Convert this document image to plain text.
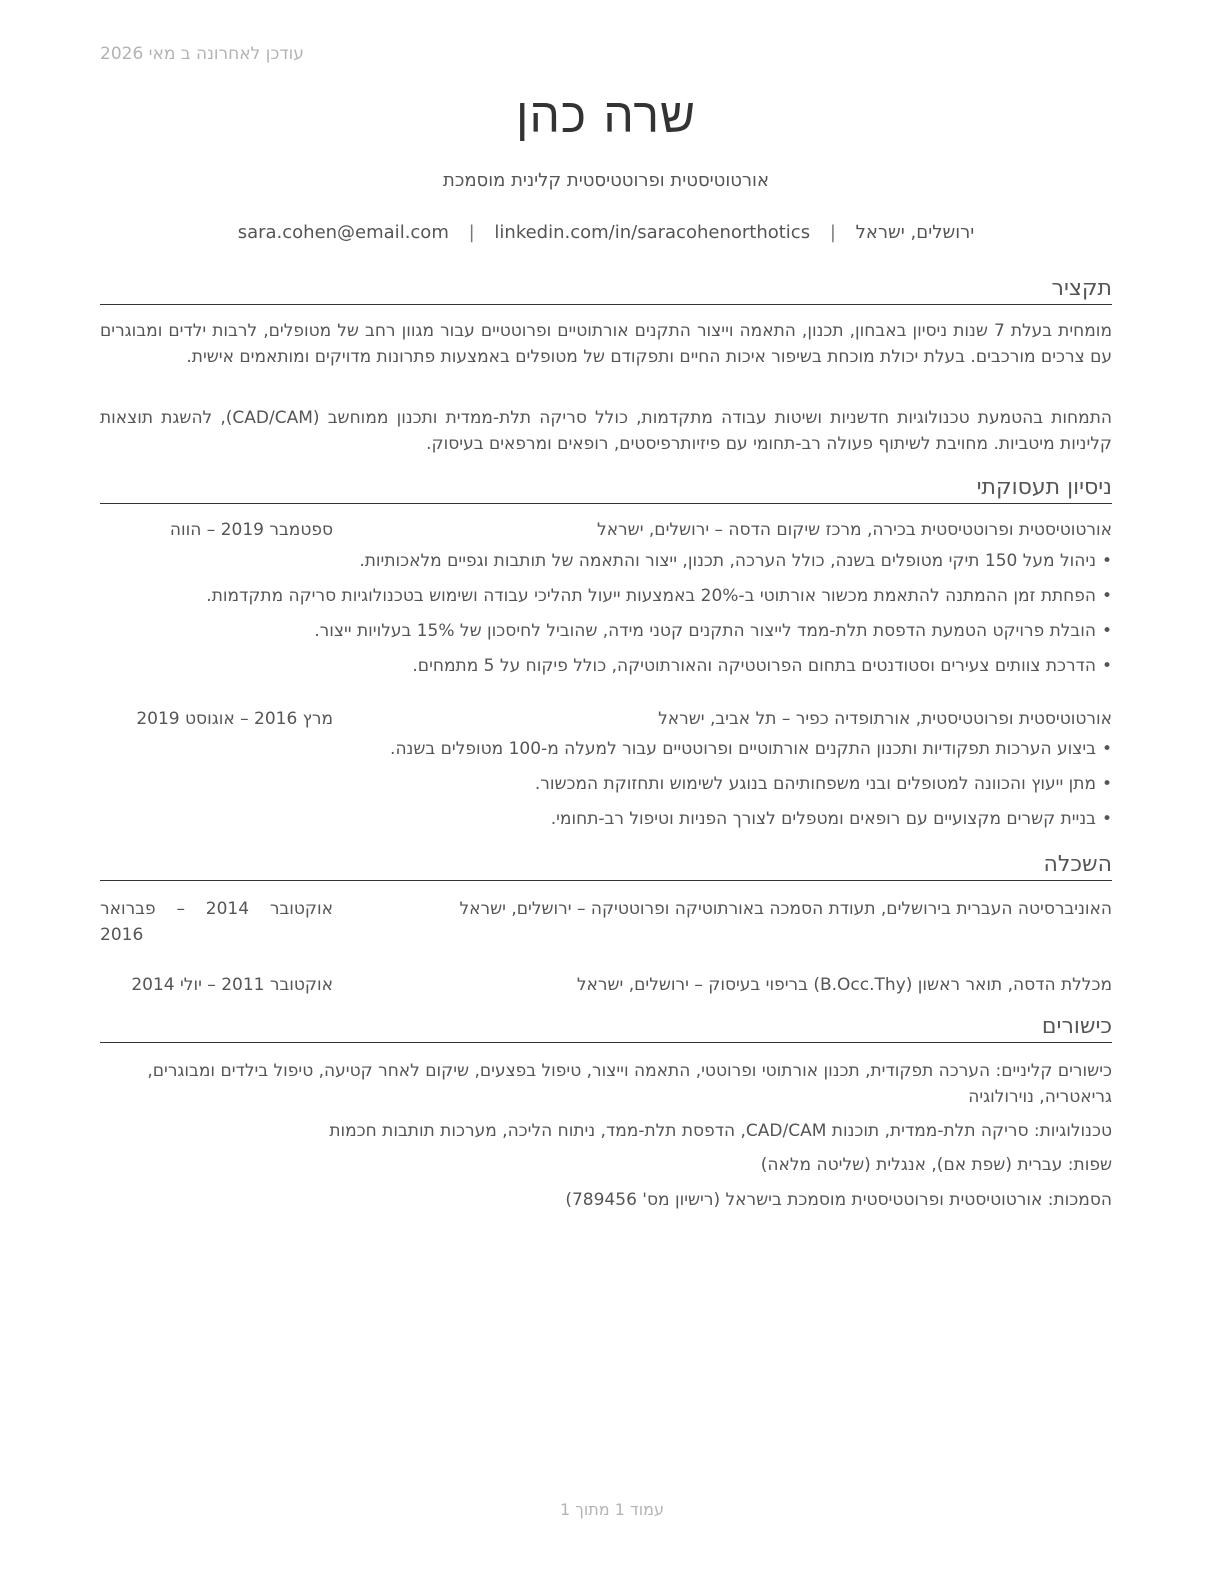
עודכן לאחרונה ב מאי 2026
שרה כהן
אורטוטיסטית ופרוטטיסטית קלינית מוסמכת
ירושלים, ישראל | sara.cohen@email.com | linkedin.com/in/saracohenorthotics
תקציר
מומחית בעלת 7 שנות ניסיון באבחון, תכנון, התאמה וייצור התקנים אורתוטיים ופרוטטיים עבור מגוון רחב של מטופלים, לרבות ילדים ומבוגרים עם צרכים מורכבים. בעלת יכולת מוכחת בשיפור איכות החיים ותפקודם של מטופלים באמצעות פתרונות מדויקים ומותאמים אישית.
התמחות בהטמעת טכנולוגיות חדשניות ושיטות עבודה מתקדמות, כולל סריקה תלת-ממדית ותכנון ממוחשב (CAD/CAM), להשגת תוצאות קליניות מיטביות. מחויבת לשיתוף פעולה רב-תחומי עם פיזיותרפיסטים, רופאים ומרפאים בעיסוק.
ניסיון תעסוקתי
אורטוטיסטית ופרוטטיסטית בכירה, מרכז שיקום הדסה – ירושלים, ישראל
ספטמבר 2019 – הווה
• ניהול מעל 150 תיקי מטופלים בשנה, כולל הערכה, תכנון, ייצור והתאמה של תותבות וגפיים מלאכותיות.
• הפחתת זמן ההמתנה להתאמת מכשור אורתוטי ב-20% באמצעות ייעול תהליכי עבודה ושימוש בטכנולוגיות סריקה מתקדמות.
• הובלת פרויקט הטמעת הדפסת תלת-ממד לייצור התקנים קטני מידה, שהוביל לחיסכון של 15% בעלויות ייצור.
• הדרכת צוותים צעירים וסטודנטים בתחום הפרוטטיקה והאורתוטיקה, כולל פיקוח על 5 מתמחים.
אורטוטיסטית ופרוטטיסטית, אורתופדיה כפיר – תל אביב, ישראל
מרץ 2016 – אוגוסט 2019
• ביצוע הערכות תפקודיות ותכנון התקנים אורתוטיים ופרוטטיים עבור למעלה מ-100 מטופלים בשנה.
• מתן ייעוץ והכוונה למטופלים ובני משפחותיהם בנוגע לשימוש ותחזוקת המכשור.
• בניית קשרים מקצועיים עם רופאים ומטפלים לצורך הפניות וטיפול רב-תחומי.
השכלה
האוניברסיטה העברית בירושלים, תעודת הסמכה באורתוטיקה ופרוטטיקה – ירושלים, ישראל
אוקטובר 2014 – פברואר 2016
מכללת הדסה, תואר ראשון (B.Occ.Thy) בריפוי בעיסוק – ירושלים, ישראל
אוקטובר 2011 – יולי 2014
כישורים
כישורים קליניים: הערכה תפקודית, תכנון אורתוטי ופרוטטי, התאמה וייצור, טיפול בפצעים, שיקום לאחר קטיעה, טיפול בילדים ומבוגרים, גריאטריה, נוירולוגיה
טכנולוגיות: סריקה תלת-ממדית, תוכנות CAD/CAM, הדפסת תלת-ממד, ניתוח הליכה, מערכות תותבות חכמות
שפות: עברית (שפת אם), אנגלית (שליטה מלאה)
הסמכות: אורטוטיסטית ופרוטטיסטית מוסמכת בישראל (רישיון מס' 789456)
עמוד 1 מתוך 1
